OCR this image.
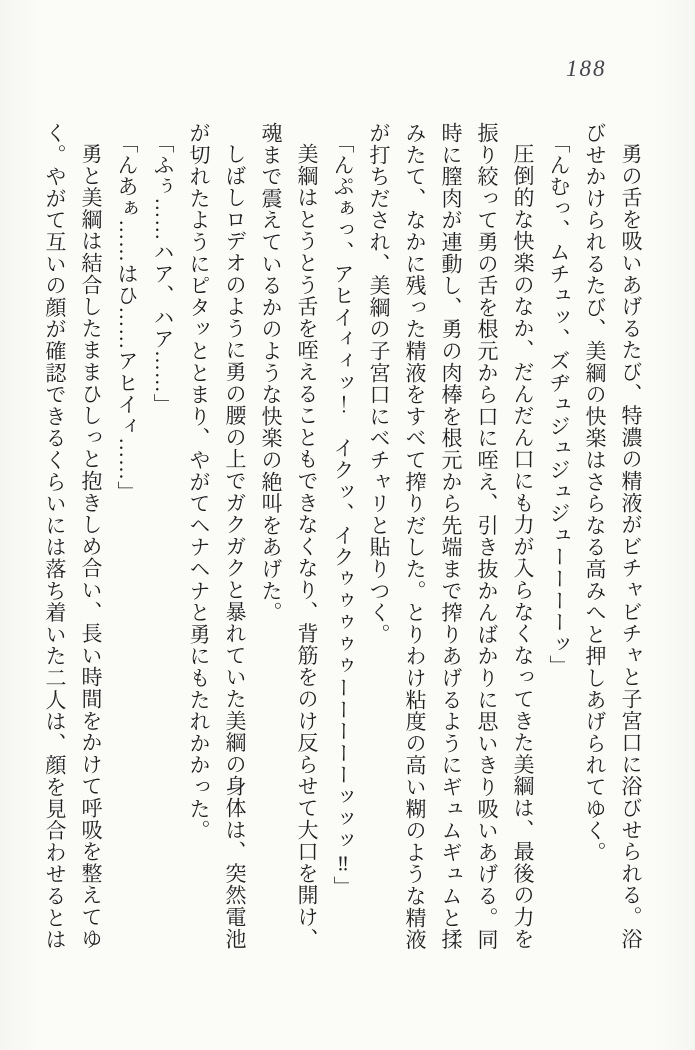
188

勇の舌を吸いあげるたび、特濃の精液がビチャビチャと子宮口に浴びせられる。浴

びせかけられるたび、美綱の快楽はさらなる高みへと押しあげられてゆく。

「んむっ、ムチュッ、ズヂュジュジュジューーーーッ」

圧倒的な快楽のなか、だんだん口にも力が入らなくなってきた美綱は、最後の力を

振り絞って勇の舌を根元から口に咥え、引き抜かんばかりに思いきり吸いあげる。同

時に膣肉が連動し、勇の肉棒を根元から先端まで搾りあげるようにギュムギュムと揉

みたて、なかに残った精液をすべて搾りだした。とりわけ粘度の高い糊のような精液

が打ちだされ、美綱の子宮口にベチャリと貼りつく。

「んぷぁっ、アヒイィィッ！　イクッ、イクゥゥゥゥゥーーーーーッッッ‼」

美綱はとうとう舌を咥えることもできなくなり、背筋をのけ反らせて大口を開け、

魂まで震えているかのような快楽の絶叫をあげた。

しばしロデオのように勇の腰の上でガクガクと暴れていた美綱の身体は、突然電池

が切れたようにピタッととまり、やがてヘナヘナと勇にもたれかかった。

「ふぅ……ハア、ハア……」

「んあぁ……はひ……アヒイィ……」

勇と美綱は結合したままひしっと抱きしめ合い、長い時間をかけて呼吸を整えてゆ

く。やがて互いの顔が確認できるくらいには落ち着いた二人は、顔を見合わせるとは
